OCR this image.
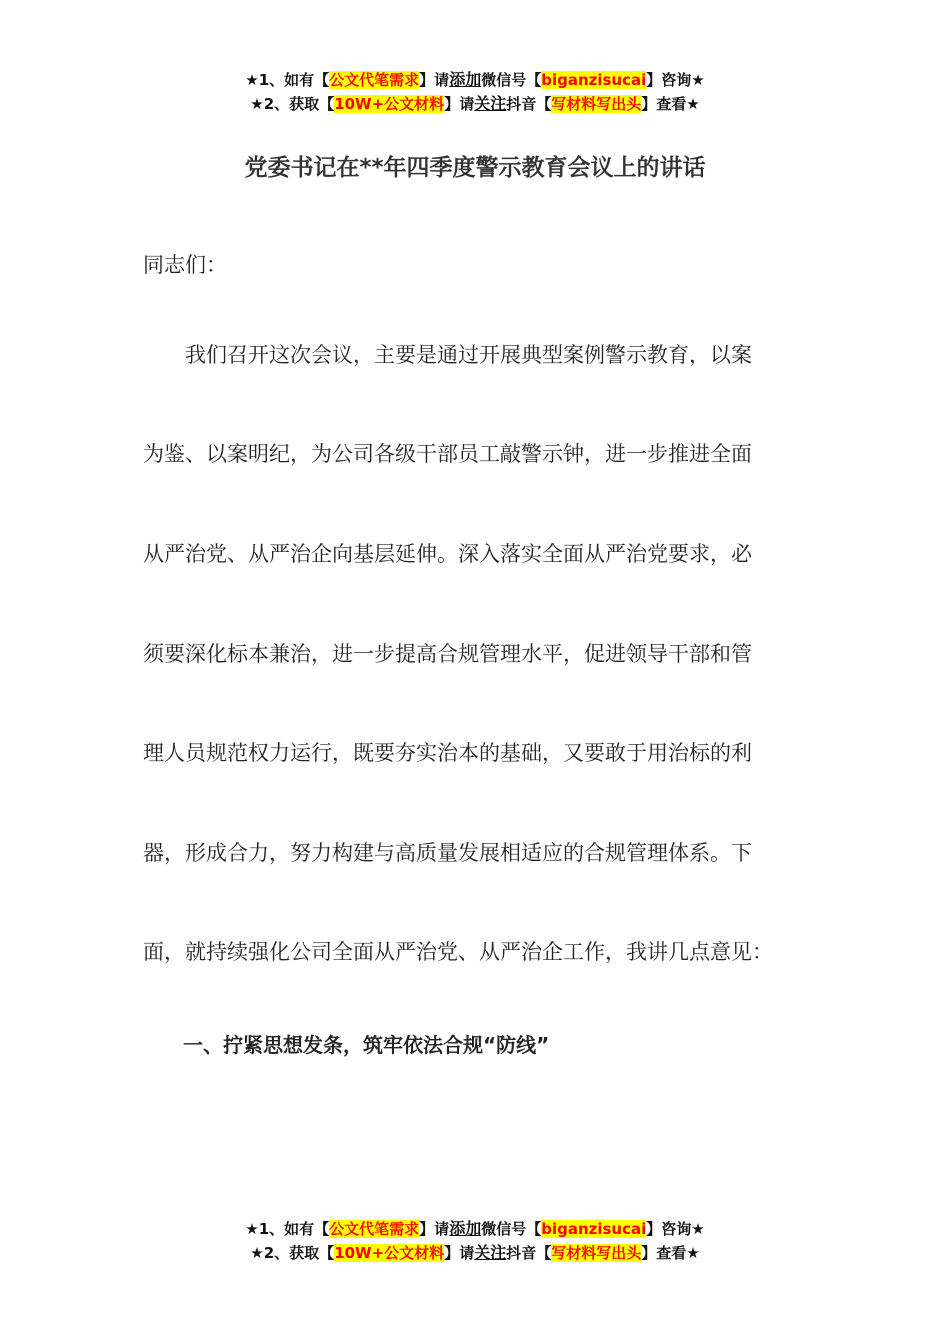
★1、如有【公文代笔需求】请添加微信号【biganzisucai】咨询★
★2、获取【10W+公文材料】请关注抖音【写材料写出头】查看★
党委书记在**年四季度警示教育会议上的讲话
同志们：
　　我们召开这次会议，主要是通过开展典型案例警示教育，以案
为鉴、以案明纪，为公司各级干部员工敲警示钟，进一步推进全面
从严治党、从严治企向基层延伸。深入落实全面从严治党要求，必
须要深化标本兼治，进一步提高合规管理水平，促进领导干部和管
理人员规范权力运行，既要夯实治本的基础，又要敢于用治标的利
器，形成合力，努力构建与高质量发展相适应的合规管理体系。下
面，就持续强化公司全面从严治党、从严治企工作，我讲几点意见：
一、拧紧思想发条，筑牢依法合规“防线”
★1、如有【公文代笔需求】请添加微信号【biganzisucai】咨询★
★2、获取【10W+公文材料】请关注抖音【写材料写出头】查看★
